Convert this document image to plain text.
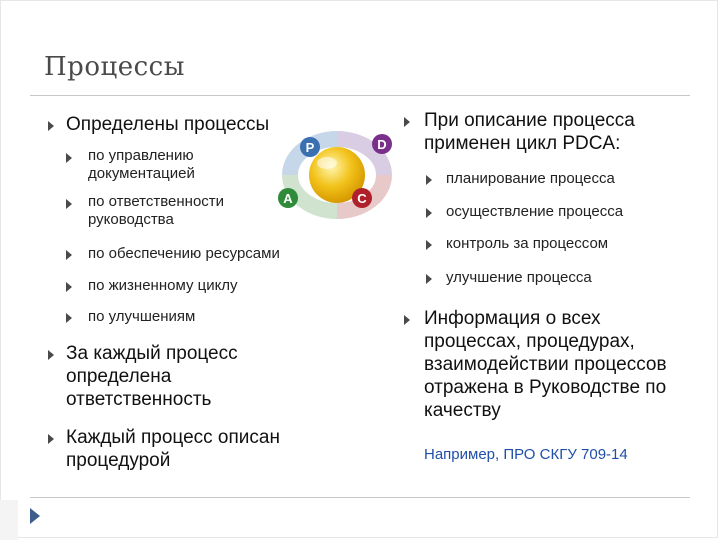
Процессы
Определены процессы
по управлению документацией
по ответственности руководства
по обеспечению ресурсами
по жизненному циклу
по улучшениям
За каждый процесс определена ответственность
Каждый процесс описан процедурой
P	D
C
A
При описание процесса применен цикл PDCA:
планирование процесса
осуществление процесса
контроль за процессом
улучшение процесса
Информация о всех процессах, процедурах, взаимодействии процессов отражена в Руководстве по качеству
Например, ПРО СКГУ 709-14
